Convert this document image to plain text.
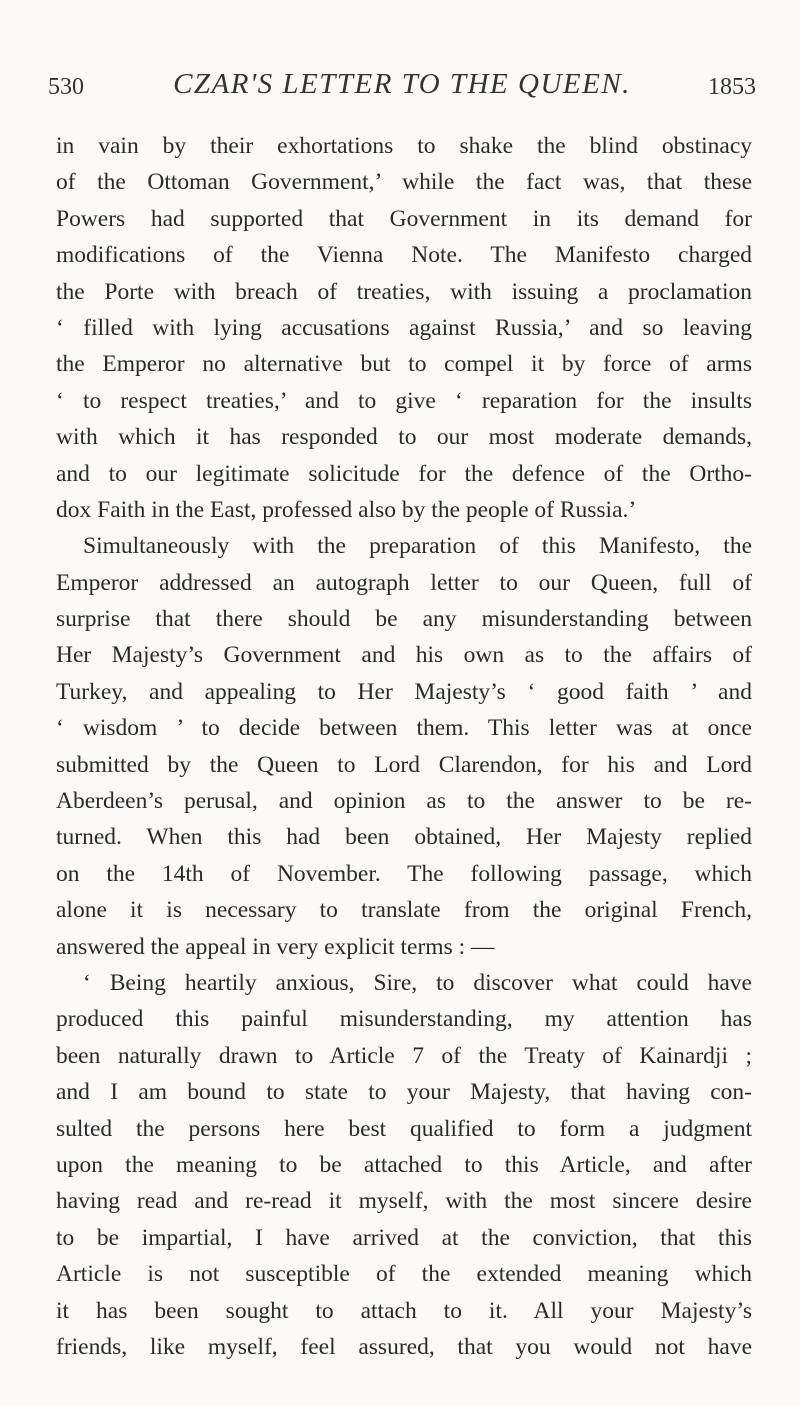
530	CZAR'S LETTER TO THE QUEEN.	1853
in vain by their exhortations to shake the blind obstinacy
of the Ottoman Government,’ while the fact was, that these
Powers had supported that Government in its demand for
modifications of the Vienna Note. The Manifesto charged
the Porte with breach of treaties, with issuing a proclamation
‘ filled with lying accusations against Russia,’ and so leaving
the Emperor no alternative but to compel it by force of arms
‘ to respect treaties,’ and to give ‘ reparation for the insults
with which it has responded to our most moderate demands,
and to our legitimate solicitude for the defence of the Ortho-
dox Faith in the East, professed also by the people of Russia.’
Simultaneously with the preparation of this Manifesto, the
Emperor addressed an autograph letter to our Queen, full of
surprise that there should be any misunderstanding between
Her Majesty’s Government and his own as to the affairs of
Turkey, and appealing to Her Majesty’s ‘ good faith ’ and
‘ wisdom ’ to decide between them. This letter was at once
submitted by the Queen to Lord Clarendon, for his and Lord
Aberdeen’s perusal, and opinion as to the answer to be re-
turned. When this had been obtained, Her Majesty replied
on the 14th of November. The following passage, which
alone it is necessary to translate from the original French,
answered the appeal in very explicit terms : —
‘ Being heartily anxious, Sire, to discover what could have
produced this painful misunderstanding, my attention has
been naturally drawn to Article 7 of the Treaty of Kainardji ;
and I am bound to state to your Majesty, that having con-
sulted the persons here best qualified to form a judgment
upon the meaning to be attached to this Article, and after
having read and re-read it myself, with the most sincere desire
to be impartial, I have arrived at the conviction, that this
Article is not susceptible of the extended meaning which
it has been sought to attach to it. All your Majesty’s
friends, like myself, feel assured, that you would not have
